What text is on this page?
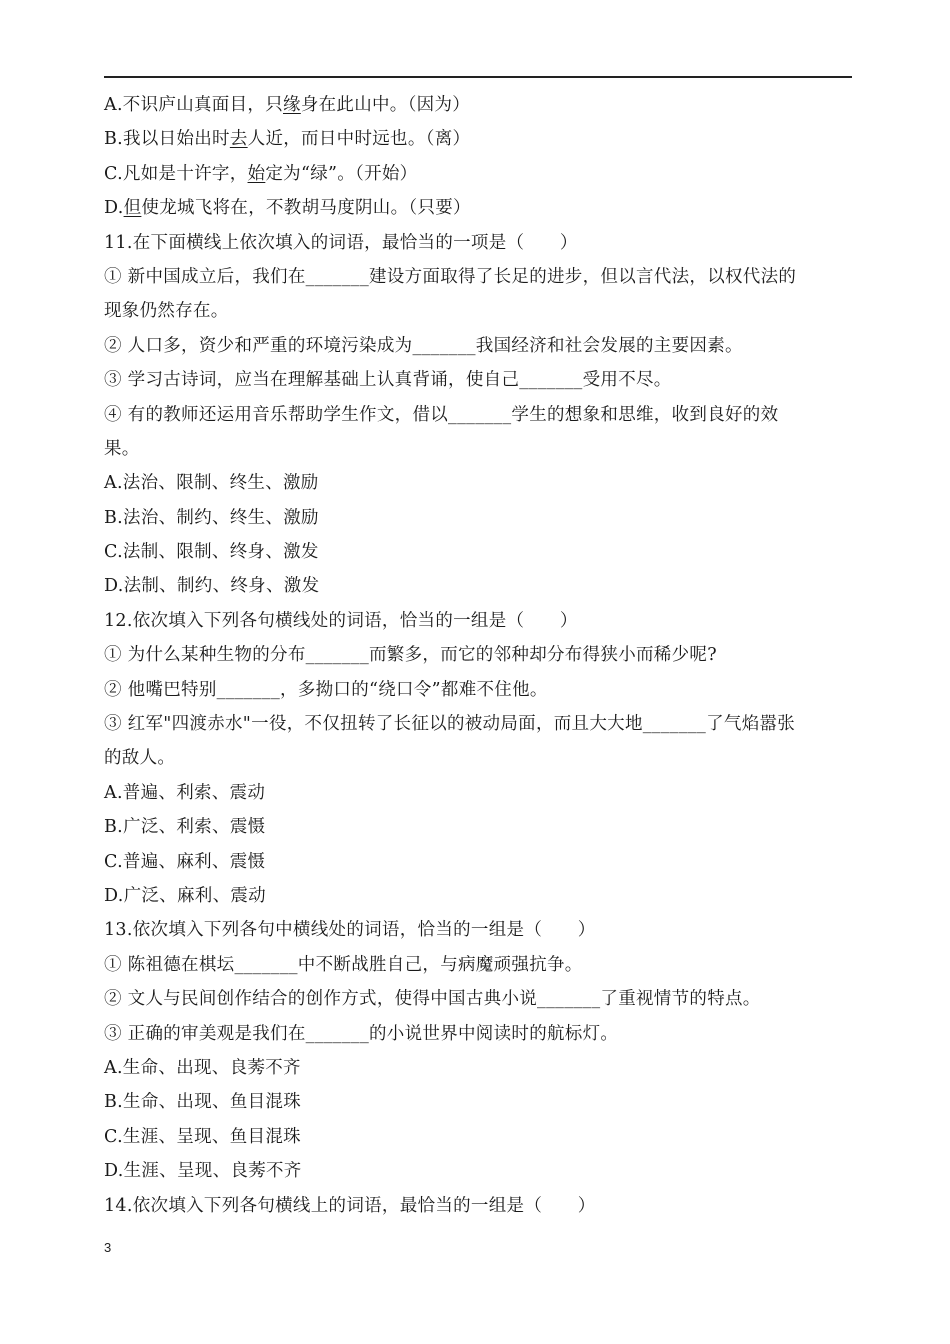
A.不识庐山真面目，只缘身在此山中。（因为）
B.我以日始出时去人近，而日中时远也。（离）
C.凡如是十许字，始定为“绿”。（开始）
D.但使龙城飞将在，不教胡马度阴山。（只要）
11.在下面横线上依次填入的词语，最恰当的一项是（　　）
① 新中国成立后，我们在_______建设方面取得了长足的进步，但以言代法，以权代法的
现象仍然存在。
② 人口多，资少和严重的环境污染成为_______我国经济和社会发展的主要因素。
③ 学习古诗词，应当在理解基础上认真背诵，使自己_______受用不尽。
④ 有的教师还运用音乐帮助学生作文，借以_______学生的想象和思维，收到良好的效
果。
A.法治、限制、终生、激励
B.法治、制约、终生、激励
C.法制、限制、终身、激发
D.法制、制约、终身、激发
12.依次填入下列各句横线处的词语，恰当的一组是（　　）
① 为什么某种生物的分布_______而繁多，而它的邻种却分布得狭小而稀少呢?
② 他嘴巴特别_______，多拗口的“绕口令”都难不住他。
③ 红军"四渡赤水"一役，不仅扭转了长征以的被动局面，而且大大地_______了气焰嚣张
的敌人。
A.普遍、利索、震动
B.广泛、利索、震慑
C.普遍、麻利、震慑
D.广泛、麻利、震动
13.依次填入下列各句中横线处的词语，恰当的一组是（　　）
① 陈祖德在棋坛_______中不断战胜自己，与病魔顽强抗争。
② 文人与民间创作结合的创作方式，使得中国古典小说_______了重视情节的特点。
③ 正确的审美观是我们在_______的小说世界中阅读时的航标灯。
A.生命、出现、良莠不齐
B.生命、出现、鱼目混珠
C.生涯、呈现、鱼目混珠
D.生涯、呈现、良莠不齐
14.依次填入下列各句横线上的词语，最恰当的一组是（　　）
3
